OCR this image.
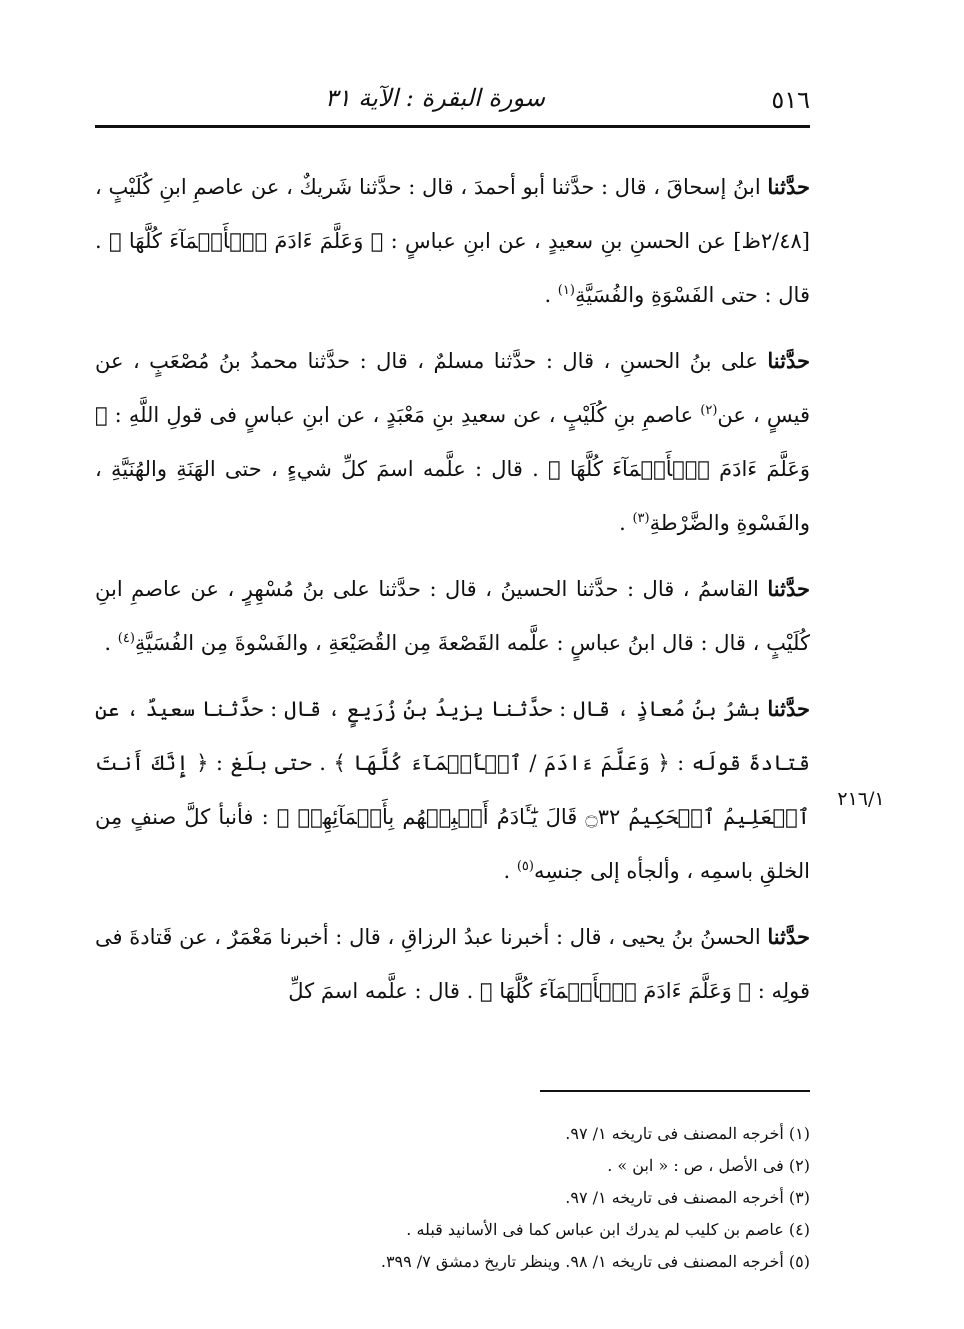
٥١٦
سورة البقرة : الآية ٣١
٢١٦/١

حدَّثنا ابنُ إسحاقَ ، قال : حدَّثنا أبو أحمدَ ، قال : حدَّثنا شَريكٌ ، عن عاصمِ ابنِ كُلَيْبٍ ، [٢/٤٨ظ] عن الحسنِ بنِ سعيدٍ ، عن ابنِ عباسٍ : ﴿ وَعَلَّمَ ءَادَمَ ٱلۡأَسۡمَآءَ كُلَّهَا ﴾ . قال : حتى الفَسْوَةِ والفُسَيَّةِ$^{(١)}$ .

حدَّثنا على بنُ الحسنِ ، قال : حدَّثنا مسلمٌ ، قال : حدَّثنا محمدُ بنُ مُصْعَبٍ ، عن قيسٍ ، عن$^{(٢)}$ عاصمِ بنِ كُلَيْبٍ ، عن سعيدِ بنِ مَعْبَدٍ ، عن ابنِ عباسٍ فى قولِ اللَّهِ : ﴿ وَعَلَّمَ ءَادَمَ ٱلۡأَسۡمَآءَ كُلَّهَا ﴾ . قال : علَّمه اسمَ كلِّ شيءٍ ، حتى الهَنَةِ والهُنَيَّةِ ، والفَسْوةِ والضَّرْطةِ$^{(٣)}$ .

حدَّثنا القاسمُ ، قال : حدَّثنا الحسينُ ، قال : حدَّثنا على بنُ مُسْهِرٍ ، عن عاصمِ ابنِ كُلَيْبٍ ، قال : قال ابنُ عباسٍ : علَّمه القَصْعةَ مِن القُصَيْعَةِ ، والفَسْوةَ مِن الفُسَيَّةِ$^{(٤)}$ .

حدَّثنا بشرُ بنُ مُعاذٍ ، قال : حدَّثنا يزيدُ بنُ زُرَيعٍ ، قال : حدَّثنا سعيدٌ ، عن قتادةَ قولَه : ﴿ وَعَلَّمَ ءَادَمَ / ٱلۡأَسۡمَآءَ كُلَّهَا ﴾ . حتى بلَغ : ﴿ إِنَّكَ أَنتَ ٱلۡعَلِيمُ ٱلۡحَكِيمُ ۝٣٢ قَالَ يَٰٓـَٔادَمُ أَنۢبِئۡهُم بِأَسۡمَآئِهِمۡ ﴾ : فأنبأ كلَّ صنفٍ مِن الخلقِ باسمِه ، وألجأه إلى جنسِه$^{(٥)}$ .

حدَّثنا الحسنُ بنُ يحيى ، قال : أخبرنا عبدُ الرزاقِ ، قال : أخبرنا مَعْمَرٌ ، عن قَتادةَ فى قولِه : ﴿ وَعَلَّمَ ءَادَمَ ٱلۡأَسۡمَآءَ كُلَّهَا ﴾ . قال : علَّمه اسمَ كلِّ

(١) أخرجه المصنف فى تاريخه ١/ ٩٧.

(٢) فى الأصل ، ص : « ابن » .

(٣) أخرجه المصنف فى تاريخه ١/ ٩٧.

(٤) عاصم بن كليب لم يدرك ابن عباس كما فى الأسانيد قبله .

(٥) أخرجه المصنف فى تاريخه ١/ ٩٨. وينظر تاريخ دمشق ٧/ ٣٩٩.
